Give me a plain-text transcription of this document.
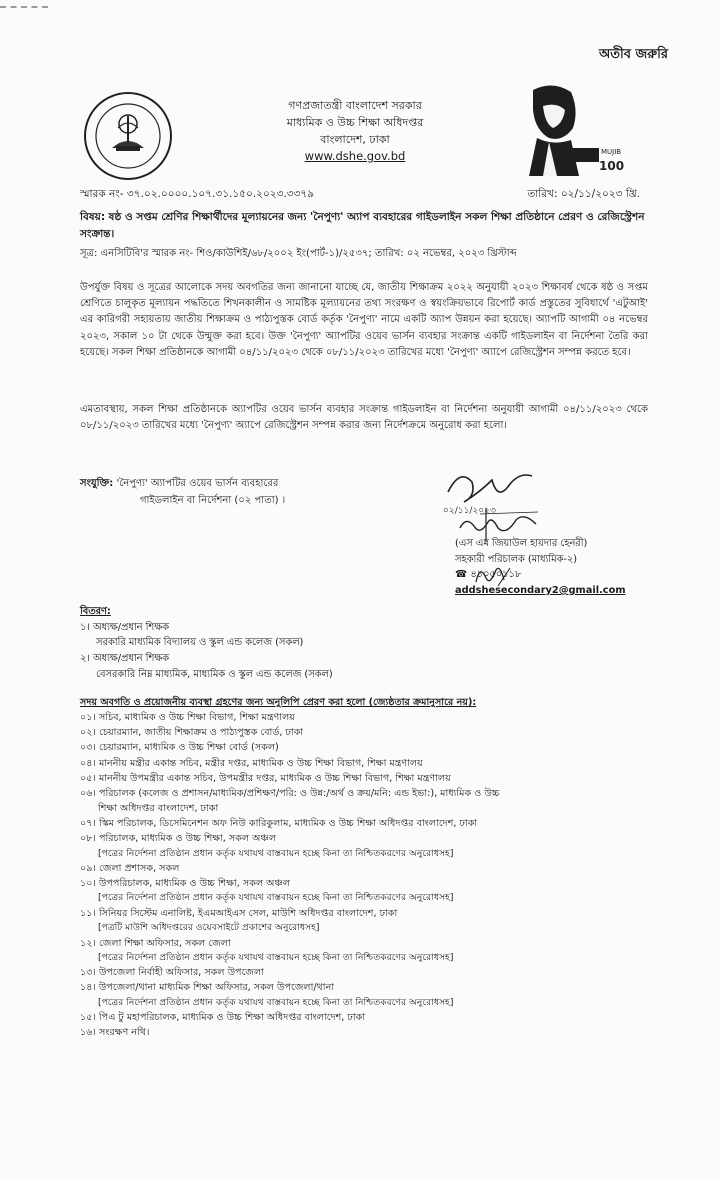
অতীব জরুরি
গণপ্রজাতন্ত্রী বাংলাদেশ সরকার
মাধ্যমিক ও উচ্চ শিক্ষা অধিদপ্তর
বাংলাদেশ, ঢাকা
www.dshe.gov.bd	MUJIB
100
স্মারক নং- ৩৭.০২.০০০০.১০৭.৩১.১৫০.২০২৩.৩৩৭৯	তারিখ: ০২/১১/২০২৩ খ্রি.
বিষয়: ষষ্ঠ ও সপ্তম শ্রেণির শিক্ষার্থীদের মূল্যায়নের জন্য 'নৈপুণ্য' অ্যাপ ব্যবহারের গাইডলাইন সকল শিক্ষা প্রতিষ্ঠানে প্রেরণ ও রেজিস্ট্রেশন সংক্রান্ত।
সূত্র: এনসিটিবি'র স্মারক নং- শিও/কাউশিই/৬৮/২০০২ ইং(পার্ট-১)/২৫৩৭; তারিখ: ০২ নভেম্বর, ২০২৩ খ্রিস্টাব্দ
উপর্যুক্ত বিষয় ও সূত্রের আলোকে সদয় অবগতির জন্য জানানো যাচ্ছে যে, জাতীয় শিক্ষাক্রম ২০২২ অনুযায়ী ২০২৩ শিক্ষাবর্ষ থেকে ষষ্ঠ ও সপ্তম শ্রেণিতে চালুকৃত মূল্যায়ন পদ্ধতিতে শিখনকালীন ও সামষ্টিক মূল্যায়নের তথ্য সংরক্ষণ ও স্বয়ংক্রিয়ভাবে রিপোর্ট কার্ড প্রস্তুতের সুবিধার্থে 'এটুআই' এর কারিগরী সহায়তায় জাতীয় শিক্ষাক্রম ও পাঠ্যপুস্তক বোর্ড কর্তৃক 'নৈপুণ্য' নামে একটি অ্যাপ উন্নয়ন করা হয়েছে। অ্যাপটি আগামী ০৪ নভেম্বর ২০২৩, সকাল ১০ টা থেকে উন্মুক্ত করা হবে। উক্ত 'নৈপুণ্য' অ্যাপটির ওয়েব ভার্সন ব্যবহার সংক্রান্ত একটি গাইডলাইন বা নির্দেশনা তৈরি করা হয়েছে। সকল শিক্ষা প্রতিষ্ঠানকে আগামী ০৪/১১/২০২৩ থেকে ০৮/১১/২০২৩ তারিখের মধ্যে 'নৈপুণ্য' অ্যাপে রেজিস্ট্রেশন সম্পন্ন করতে হবে।
এমতাবস্থায়, সকল শিক্ষা প্রতিষ্ঠানকে অ্যাপটির ওয়েব ভার্সন ব্যবহার সংক্রান্ত গাইডলাইন বা নির্দেশনা অনুযায়ী আগামী ০৪/১১/২০২৩ থেকে ০৮/১১/২০২৩ তারিখের মধ্যে 'নৈপুণ্য' অ্যাপে রেজিস্ট্রেশন সম্পন্ন করার জন্য নির্দেশক্রমে অনুরোধ করা হলো।
সংযুক্তি: 'নৈপুণ্য' অ্যাপটির ওয়েব ভার্সন ব্যবহারের
গাইডলাইন বা নির্দেশনা (০২ পাতা) ।
০২/১১/২০২৩
(এস এম জিয়াউল হায়দার হেনরী)
সহকারী পরিচালক (মাধ্যমিক-২)
☎ ৪১০৫০১১৮
addshesecondary2@gmail.com
বিতরণ:
১। অধ্যক্ষ/প্রধান শিক্ষক
সরকারি মাধ্যমিক বিদ্যালয় ও স্কুল এন্ড কলেজ (সকল)
২। অধ্যক্ষ/প্রধান শিক্ষক
বেসরকারি নিম্ন মাধ্যমিক, মাধ্যমিক ও স্কুল এন্ড কলেজ (সকল)
সদয় অবগতি ও প্রয়োজনীয় ব্যবস্থা গ্রহণের জন্য অনুলিপি প্রেরণ করা হলো (জ্যেষ্ঠতার ক্রমানুসারে নয়):
০১। সচিব, মাধ্যমিক ও উচ্চ শিক্ষা বিভাগ, শিক্ষা মন্ত্রণালয়
০২। চেয়ারম্যান, জাতীয় শিক্ষাক্রম ও পাঠ্যপুস্তক বোর্ড, ঢাকা
০৩। চেয়ারম্যান, মাধ্যমিক ও উচ্চ শিক্ষা বোর্ড (সকল)
০৪। মাননীয় মন্ত্রীর একান্ত সচিব, মন্ত্রীর দপ্তর, মাধ্যমিক ও উচ্চ শিক্ষা বিভাগ, শিক্ষা মন্ত্রণালয়
০৫। মাননীয় উপমন্ত্রীর একান্ত সচিব, উপমন্ত্রীর দপ্তর, মাধ্যমিক ও উচ্চ শিক্ষা বিভাগ, শিক্ষা মন্ত্রণালয়
০৬। পরিচালক (কলেজ ও প্রশাসন/মাধ্যমিক/প্রশিক্ষণ/পরি: ও উন্ন:/অর্থ ও ক্রয়/মনি: এন্ড ইভা:), মাধ্যমিক ও উচ্চ
শিক্ষা অধিদপ্তর বাংলাদেশ, ঢাকা
০৭। স্কিম পরিচালক, ডিসেমিনেশন অফ নিউ কারিকুলাম, মাধ্যমিক ও উচ্চ শিক্ষা অধিদপ্তর বাংলাদেশ, ঢাকা
০৮। পরিচালক, মাধ্যমিক ও উচ্চ শিক্ষা, সকল অঞ্চল
[পত্রের নির্দেশনা প্রতিষ্ঠান প্রধান কর্তৃক যথাযথ বাস্তবায়ন হচ্ছে কিনা তা নিশ্চিতকরণের অনুরোধসহ]
০৯। জেলা প্রশাসক, সকল
১০। উপপরিচালক, মাধ্যমিক ও উচ্চ শিক্ষা, সকল অঞ্চল
[পত্রের নির্দেশনা প্রতিষ্ঠান প্রধান কর্তৃক যথাযথ বাস্তবায়ন হচ্ছে কিনা তা নিশ্চিতকরণের অনুরোধসহ]
১১। সিনিয়র সিস্টেম এনালিষ্ট, ইএমআইএস সেল, মাউশি অধিদপ্তর বাংলাদেশ, ঢাকা
[পত্রটি মাউশি অধিদপ্তরের ওয়েবসাইটে প্রকাশের অনুরোধসহ]
১২। জেলা শিক্ষা অফিসার, সকল জেলা
[পত্রের নির্দেশনা প্রতিষ্ঠান প্রধান কর্তৃক যথাযথ বাস্তবায়ন হচ্ছে কিনা তা নিশ্চিতকরণের অনুরোধসহ]
১৩। উপজেলা নির্বাহী অফিসার, সকল উপজেলা
১৪। উপজেলা/থানা মাধ্যমিক শিক্ষা অফিসার, সকল উপজেলা/থানা
[পত্রের নির্দেশনা প্রতিষ্ঠান প্রধান কর্তৃক যথাযথ বাস্তবায়ন হচ্ছে কিনা তা নিশ্চিতকরণের অনুরোধসহ]
১৫। পিএ টু মহাপরিচালক, মাধ্যমিক ও উচ্চ শিক্ষা অধিদপ্তর বাংলাদেশ, ঢাকা
১৬। সংরক্ষণ নথি।
